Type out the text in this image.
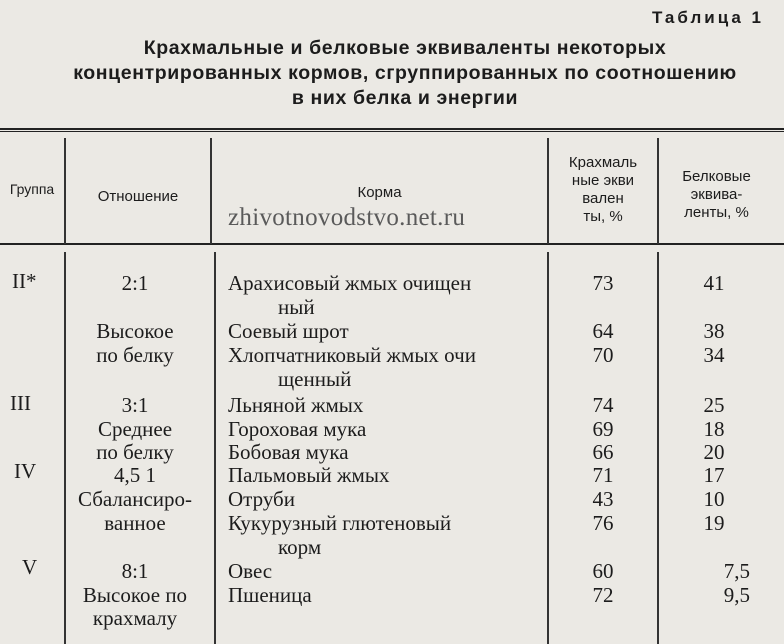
Таблица 1
Крахмальные и белковые эквиваленты некоторых
концентрированных кормов, сгруппированных по соотношению
в них белка и энергии
Группа	Отношение	Корма
Крахмаль
ные экви
вален
ты, %
Белковые
эквива-
ленты, %
zhivotnovodstvo.net.ru
II*
III
IV
V
2:1
Высокое
по белку
3:1
Среднее
по белку
4,5 1
Сбалансиро-
ванное
8:1
Высокое по
крахмалу
Арахисовый жмых очищен
ный
Соевый шрот
Хлопчатниковый жмых очи
щенный
Льняной жмых
Гороховая мука
Бобовая мука
Пальмовый жмых
Отруби
Кукурузный глютеновый
корм
Овес
Пшеница
73
64
70
74
69
66
71
43
76
60
72
41
38
34
25
18
20
17
10
19
7,5
9,5
